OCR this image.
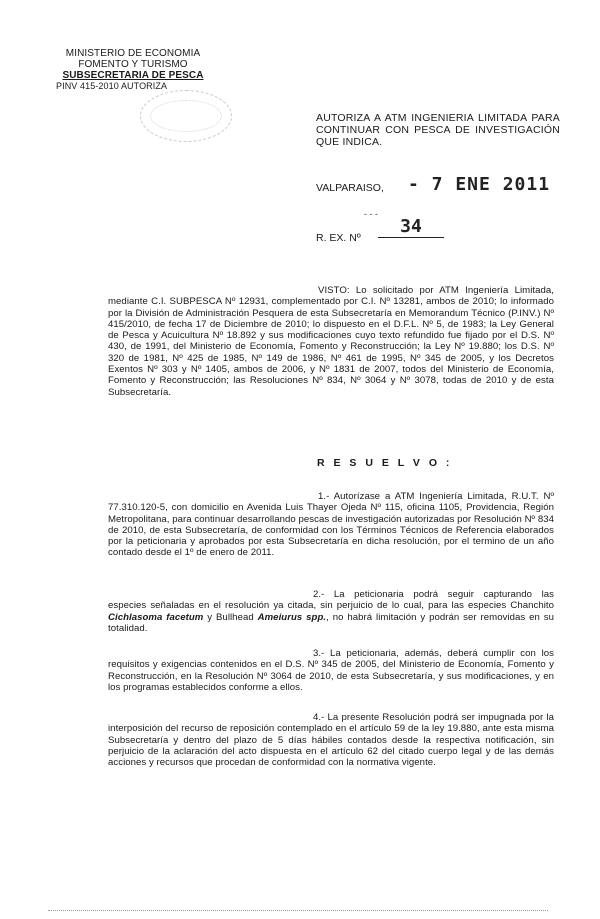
MINISTERIO DE ECONOMIA
FOMENTO Y TURISMO
SUBSECRETARIA DE PESCA
PINV 415-2010 AUTORIZA
AUTORIZA A ATM INGENIERIA LIMITADA PARA CONTINUAR CON PESCA DE INVESTIGACIÓN QUE INDICA.
VALPARAISO, - 7 ENE 2011
- - -
R. EX. Nº
34
VISTO: Lo solicitado por ATM Ingeniería Limitada, mediante C.I. SUBPESCA Nº 12931, complementado por C.I. Nº 13281, ambos de 2010; lo informado por la División de Administración Pesquera de esta Subsecretaría en Memorandum Técnico (P.INV.) Nº 415/2010, de fecha 17 de Diciembre de 2010; lo dispuesto en el D.F.L. Nº 5, de 1983; la Ley General de Pesca y Acuicultura Nº 18.892 y sus modificaciones cuyo texto refundido fue fijado por el D.S. Nº 430, de 1991, del Ministerio de Economía, Fomento y Reconstrucción; la Ley Nº 19.880; los D.S. Nº 320 de 1981, Nº 425 de 1985, Nº 149 de 1986, Nº 461 de 1995, Nº 345 de 2005, y los Decretos Exentos Nº 303 y Nº 1405, ambos de 2006, y Nº 1831 de 2007, todos del Ministerio de Economía, Fomento y Reconstrucción; las Resoluciones Nº 834, Nº 3064 y Nº 3078, todas de 2010 y de esta Subsecretaría.
R E S U E L V O :
1.- Autorízase a ATM Ingeniería Limitada, R.U.T. Nº 77.310.120-5, con domicilio en Avenida Luis Thayer Ojeda Nº 115, oficina 1105, Providencia, Región Metropolitana, para continuar desarrollando pescas de investigación autorizadas por Resolución Nº 834 de 2010, de esta Subsecretaría, de conformidad con los Términos Técnicos de Referencia elaborados por la peticionaria y aprobados por esta Subsecretaría en dicha resolución, por el termino de un año contado desde el 1º de enero de 2011.
2.- La peticionaria podrá seguir capturando las especies señaladas en el resolución ya citada, sin perjuicio de lo cual, para las especies Chanchito Cichlasoma facetum y Bullhead Ameiurus spp., no habrá limitación y podrán ser removidas en su totalidad.
3.- La peticionaria, además, deberá cumplir con los requisitos y exigencias contenidos en el D.S. Nº 345 de 2005, del Ministerio de Economía, Fomento y Reconstrucción, en la Resolución Nº 3064 de 2010, de esta Subsecretaría, y sus modificaciones, y en los programas establecidos conforme a ellos.
4.- La presente Resolución podrá ser impugnada por la interposición del recurso de reposición contemplado en el artículo 59 de la ley 19.880, ante esta misma Subsecretaría y dentro del plazo de 5 días hábiles contados desde la respectiva notificación, sin perjuicio de la aclaración del acto dispuesta en el artículo 62 del citado cuerpo legal y de las demás acciones y recursos que procedan de conformidad con la normativa vigente.
